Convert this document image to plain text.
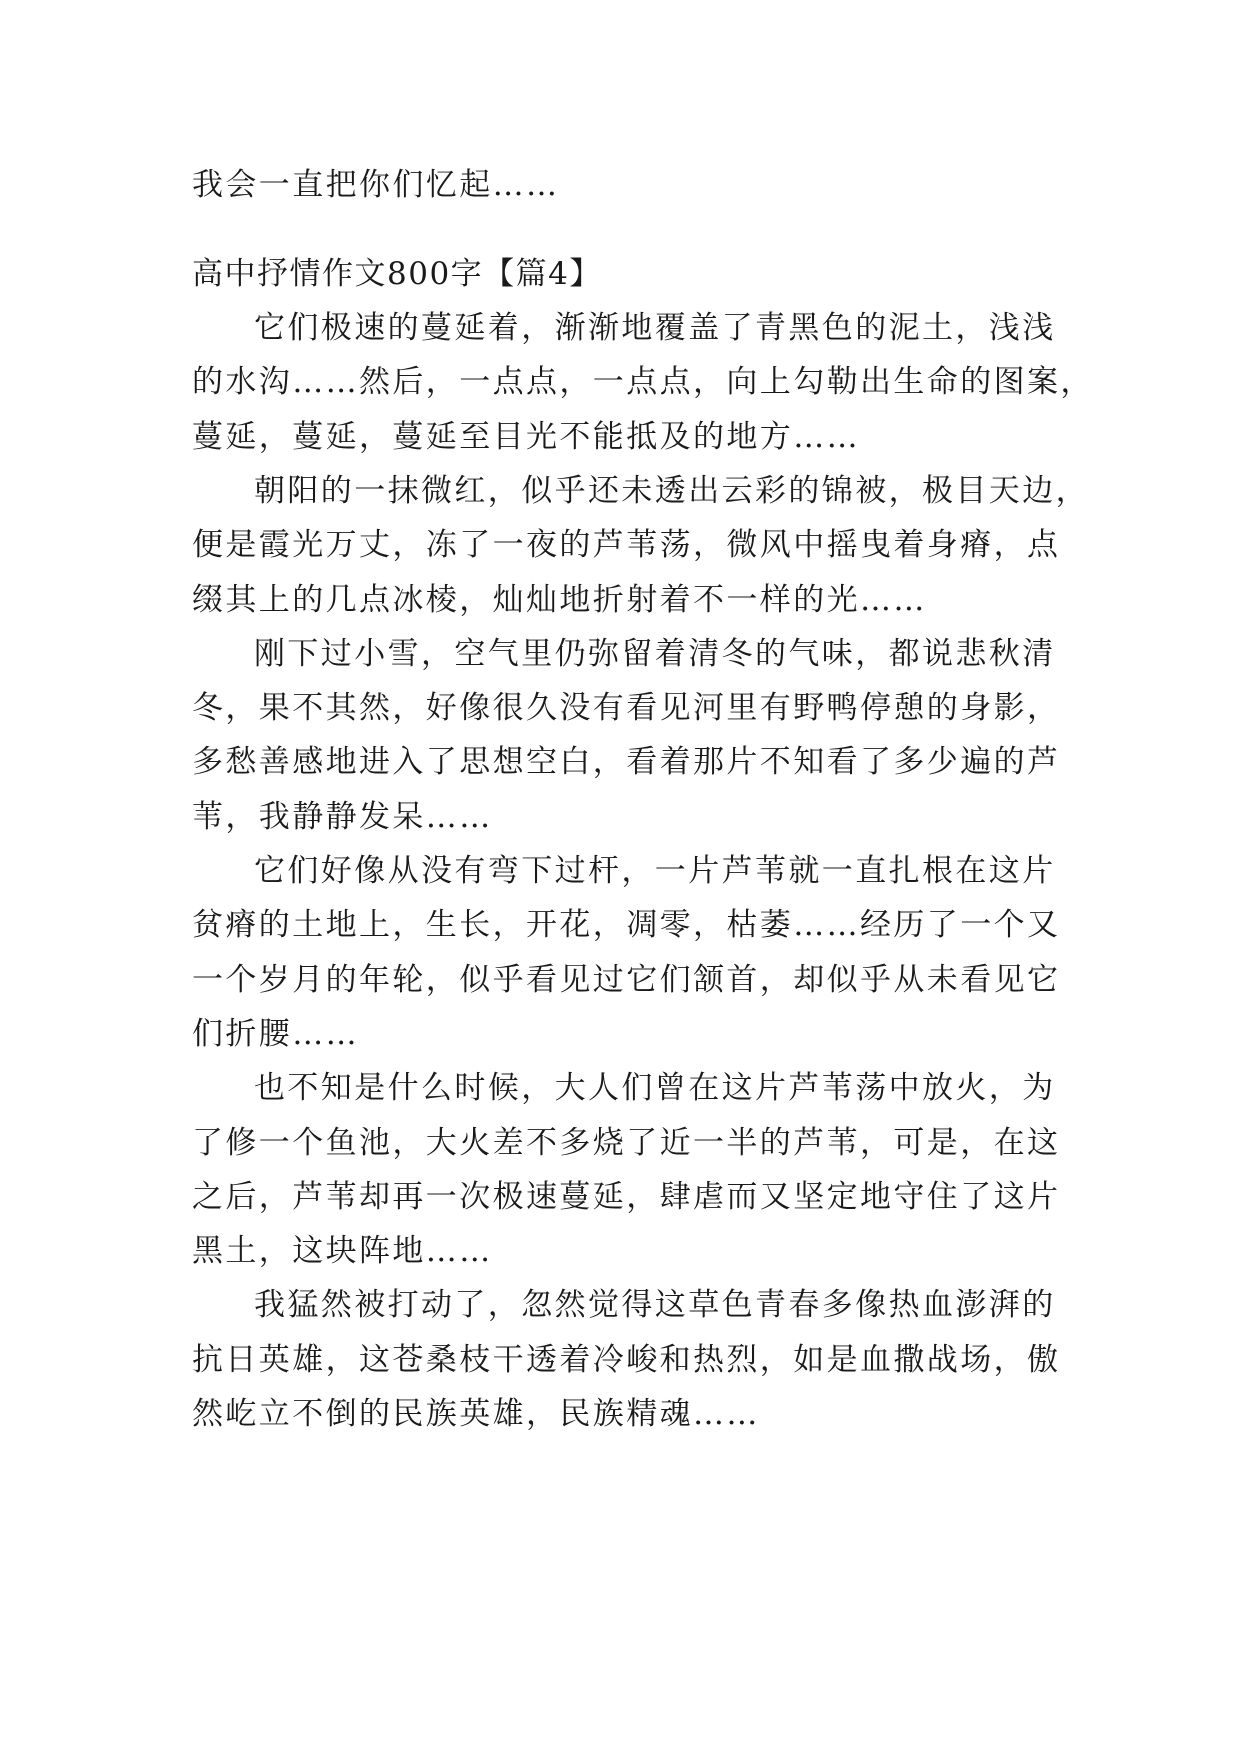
我会一直把你们忆起……
高中抒情作文800字【篇4】
它们极速的蔓延着，渐渐地覆盖了青黑色的泥土，浅浅
的水沟……然后，一点点，一点点，向上勾勒出生命的图案，
蔓延，蔓延，蔓延至目光不能抵及的地方……
朝阳的一抹微红，似乎还未透出云彩的锦被，极目天边，
便是霞光万丈，冻了一夜的芦苇荡，微风中摇曳着身瘠，点
缀其上的几点冰棱，灿灿地折射着不一样的光……
刚下过小雪，空气里仍弥留着清冬的气味，都说悲秋清
冬，果不其然，好像很久没有看见河里有野鸭停憩的身影，
多愁善感地进入了思想空白，看着那片不知看了多少遍的芦
苇，我静静发呆……
它们好像从没有弯下过杆，一片芦苇就一直扎根在这片
贫瘠的土地上，生长，开花，凋零，枯萎……经历了一个又
一个岁月的年轮，似乎看见过它们颔首，却似乎从未看见它
们折腰……
也不知是什么时候，大人们曾在这片芦苇荡中放火，为
了修一个鱼池，大火差不多烧了近一半的芦苇，可是，在这
之后，芦苇却再一次极速蔓延，肆虐而又坚定地守住了这片
黑土，这块阵地……
我猛然被打动了，忽然觉得这草色青春多像热血澎湃的
抗日英雄，这苍桑枝干透着冷峻和热烈，如是血撒战场，傲
然屹立不倒的民族英雄，民族精魂……
